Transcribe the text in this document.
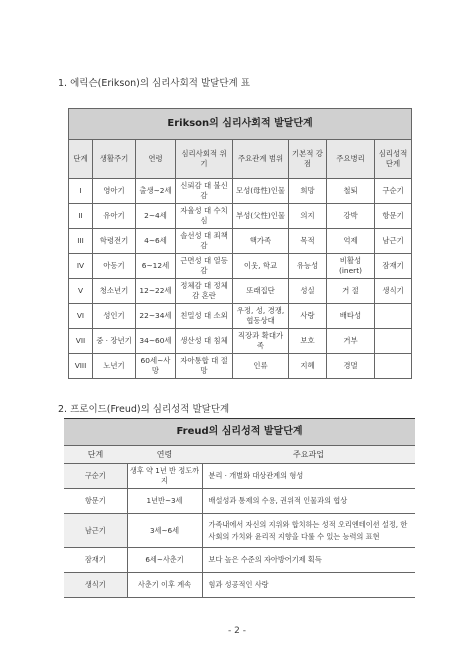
1. 에릭슨(Erikson)의 심리사회적 발달단계 표
Erikson의 심리사회적 발달단계							
단계	생활주기	연령	심리사회적 위기	주요관계 범위	기본적 강점	주요병리	심리성적 단계
I	영아기	출생~2세	신뢰감 대 불신감	모성(母性)인물	희망	철퇴	구순기
II	유아기	2~4세	자율성 대 수치심	부성(父性)인물	의지	강박	항문기
III	학령전기	4~6세	솔선성 대 죄책감	핵가족	목적	억제	남근기
IV	아동기	6~12세	근면성 대 열등감	이웃, 학교	유능성	비활성(inert)	잠재기
V	청소년기	12~22세	정체감 대 정체감 혼란	또래집단	성실	거 절	생식기
VI	성인기	22~34세	친밀성 대 소외	우정, 성, 경쟁, 협동상대	사랑	배타성	
VII	중 · 장년기	34~60세	생산성 대 침체	직장과 확대가족	보호	거부	
VIII	노년기	60세~사망	자아통합 대 절망	인류	지혜	경멸	
2. 프로이드(Freud)의 심리성적 발달단계
Freud의 심리성적 발달단계		
단계	연령	주요과업
구순기	생후 약 1년 반 정도까지	분리 · 개별화 대상관계의 형성
항문기	1년반~3세	배설성과 통제의 수용, 권위적 인물과의 협상
남근기	3세~6세	가족내에서 자신의 지위와 합치하는 성적 오리엔테이션 설정, 한 사회의 가치와 윤리적 지향을 다룰 수 있는 능력의 표현
잠재기	6세~사춘기	보다 높은 수준의 자아방어기제 획득
생식기	사춘기 이후 계속	힘과 성공적인 사랑
- 2 -
